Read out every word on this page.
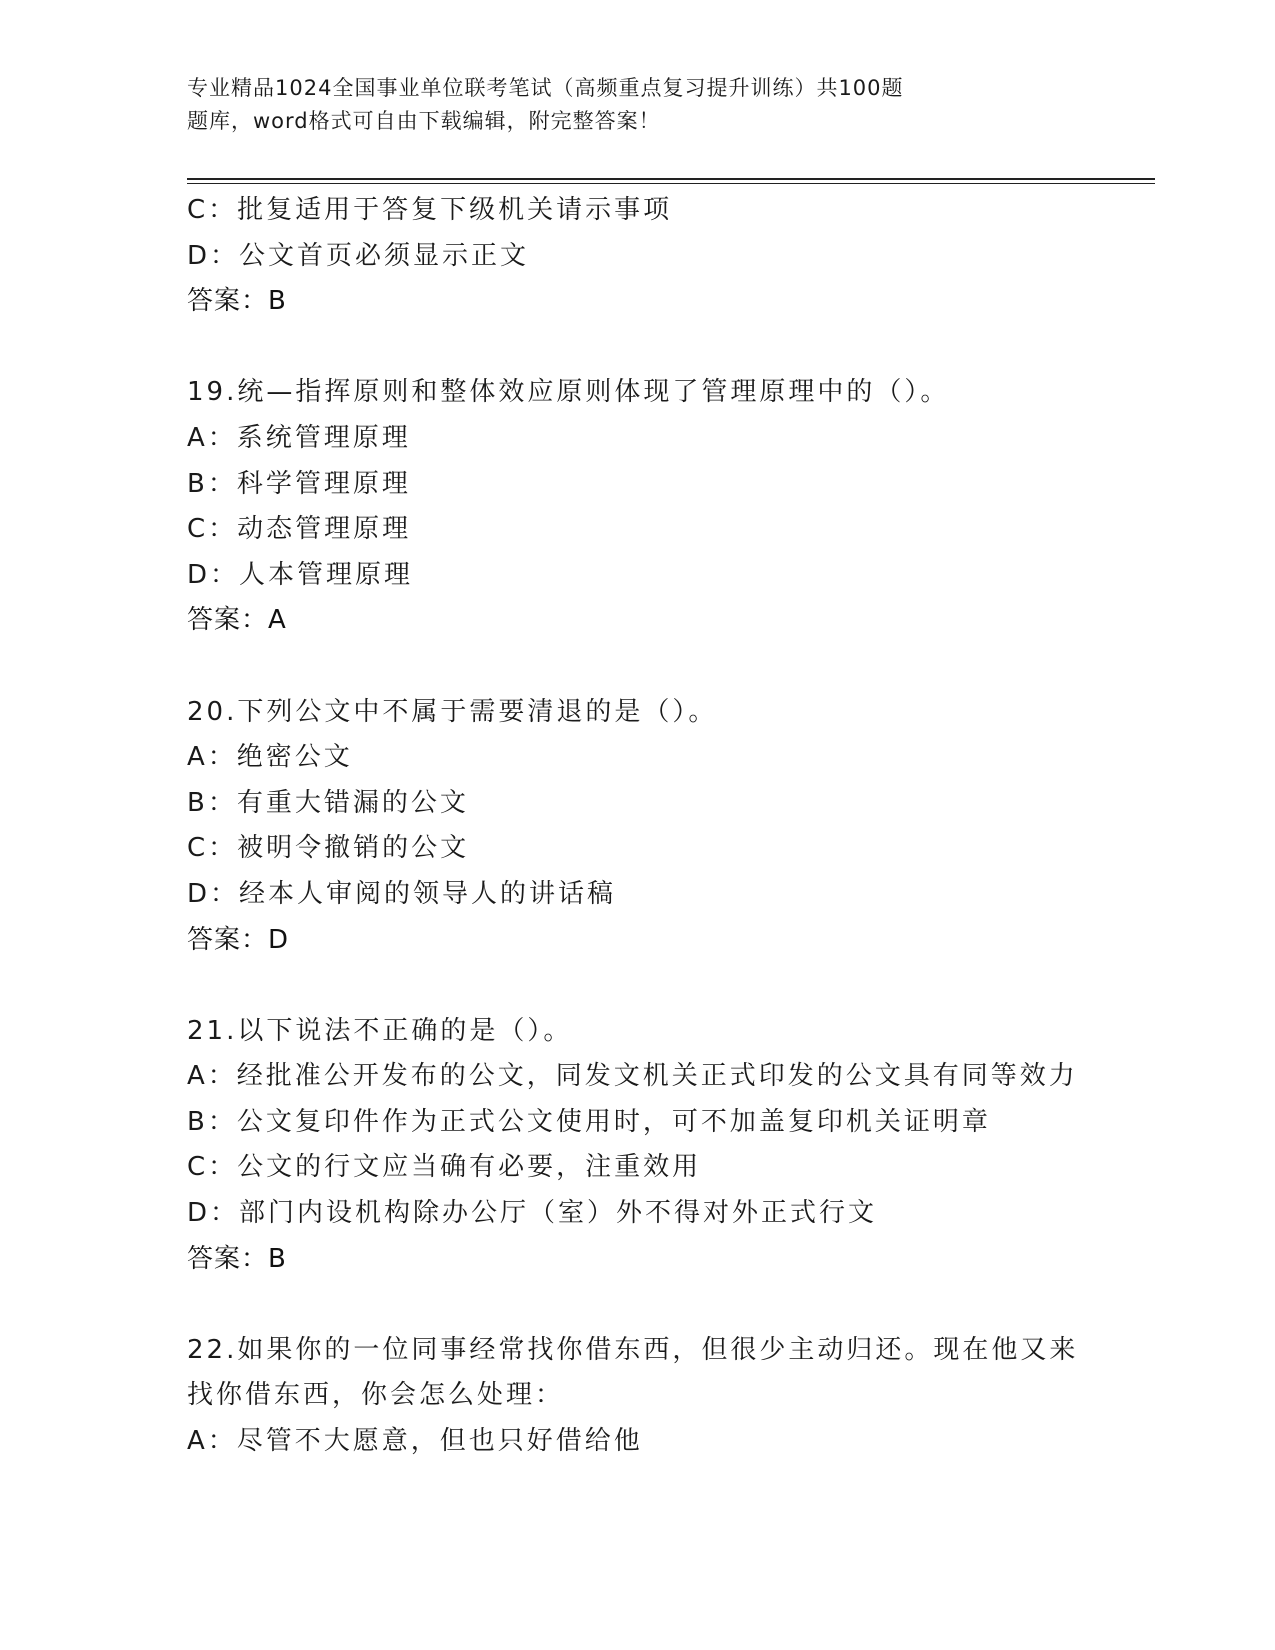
专业精品1024全国事业单位联考笔试（高频重点复习提升训练）共100题
题库，word格式可自由下载编辑，附完整答案！
C：批复适用于答复下级机关请示事项
D：公文首页必须显示正文
答案：B
19.统—指挥原则和整体效应原则体现了管理原理中的（）。
A：系统管理原理
B：科学管理原理
C：动态管理原理
D：人本管理原理
答案：A
20.下列公文中不属于需要清退的是（）。
A：绝密公文
B：有重大错漏的公文
C：被明令撤销的公文
D：经本人审阅的领导人的讲话稿
答案：D
21.以下说法不正确的是（）。
A：经批准公开发布的公文，同发文机关正式印发的公文具有同等效力
B：公文复印件作为正式公文使用时，可不加盖复印机关证明章
C：公文的行文应当确有必要，注重效用
D：部门内设机构除办公厅（室）外不得对外正式行文
答案：B
22.如果你的一位同事经常找你借东西，但很少主动归还。现在他又来
找你借东西，你会怎么处理：
A：尽管不大愿意，但也只好借给他
